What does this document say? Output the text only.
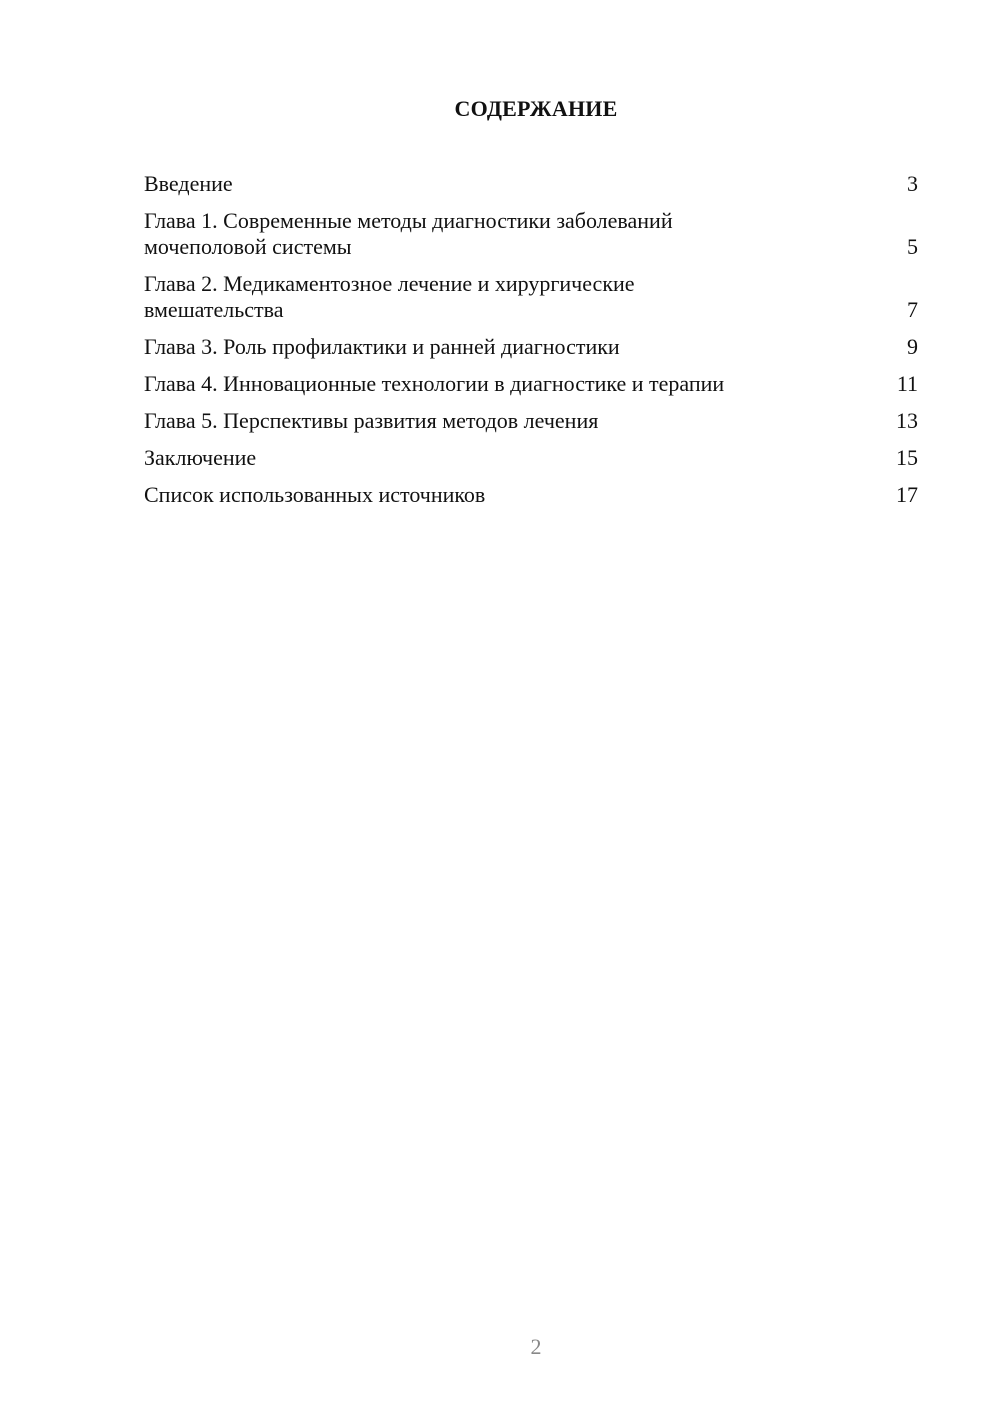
СОДЕРЖАНИЕ
Введение	3
Глава 1. Современные методы диагностики заболеваний мочеполовой системы	5
Глава 2. Медикаментозное лечение и хирургические вмешательства	7
Глава 3. Роль профилактики и ранней диагностики	9
Глава 4. Инновационные технологии в диагностике и терапии	11
Глава 5. Перспективы развития методов лечения	13
Заключение	15
Список использованных источников	17
2
